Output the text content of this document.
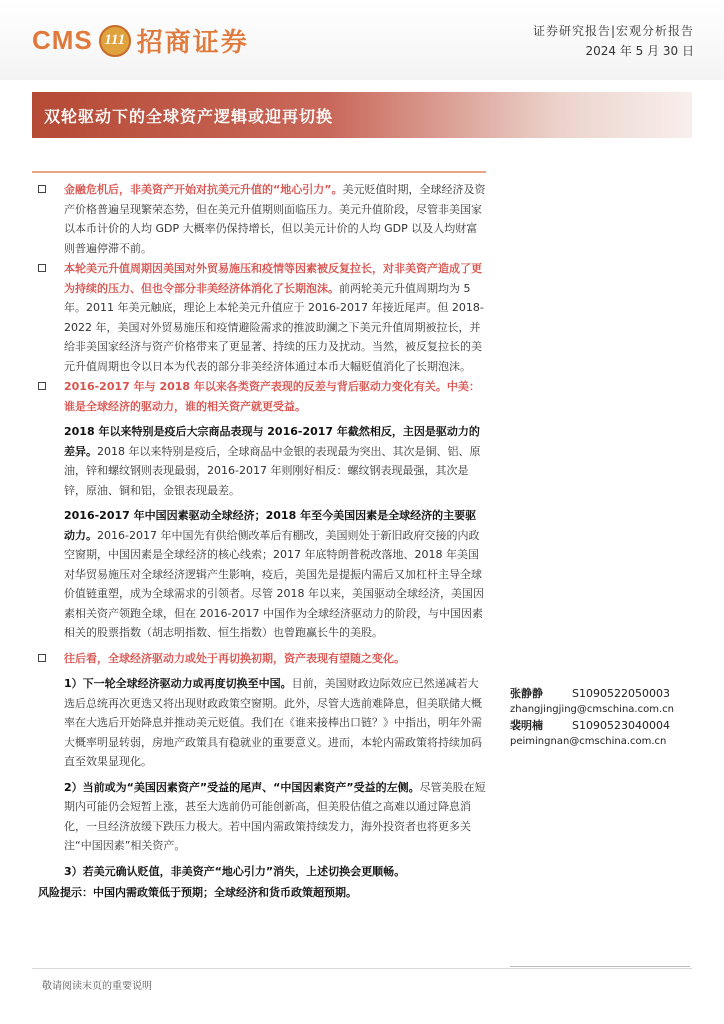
CMS 111 招商证券	证券研究报告|宏观分析报告
2024 年 5 月 30 日
双轮驱动下的全球资产逻辑或迎再切换
金融危机后，非美资产开始对抗美元升值的“地心引力”。美元贬值时期，全球经济及资产价格普遍呈现繁荣态势，但在美元升值期则面临压力。美元升值阶段，尽管非美国家以本币计价的人均 GDP 大概率仍保持增长，但以美元计价的人均 GDP 以及人均财富则普遍停滞不前。
本轮美元升值周期因美国对外贸易施压和疫情等因素被反复拉长，对非美资产造成了更为持续的压力、但也令部分非美经济体消化了长期泡沫。前两轮美元升值周期均为 5 年。2011 年美元触底，理论上本轮美元升值应于 2016-2017 年接近尾声。但 2018-2022 年，美国对外贸易施压和疫情避险需求的推波助澜之下美元升值周期被拉长，并给非美国家经济与资产价格带来了更显著、持续的压力及扰动。当然，被反复拉长的美元升值周期也令以日本为代表的部分非美经济体通过本币大幅贬值消化了长期泡沫。
2016-2017 年与 2018 年以来各类资产表现的反差与背后驱动力变化有关。中美：谁是全球经济的驱动力，谁的相关资产就更受益。
2018 年以来特别是疫后大宗商品表现与 2016-2017 年截然相反，主因是驱动力的差异。2018 年以来特别是疫后，全球商品中金银的表现最为突出、其次是铜、铝、原油，锌和螺纹钢则表现最弱，2016-2017 年则刚好相反：螺纹钢表现最强，其次是锌，原油、铜和铝，金银表现最差。
2016-2017 年中国因素驱动全球经济；2018 年至今美国因素是全球经济的主要驱动力。2016-2017 年中国先有供给侧改革后有棚改，美国则处于新旧政府交接的内政空窗期，中国因素是全球经济的核心线索；2017 年底特朗普税改落地、2018 年美国对华贸易施压对全球经济逻辑产生影响，疫后，美国先是提振内需后又加杠杆主导全球价值链重塑，成为全球需求的引领者。尽管 2018 年以来，美国驱动全球经济，美国因素相关资产领跑全球，但在 2016-2017 中国作为全球经济驱动力的阶段，与中国因素相关的股票指数（胡志明指数、恒生指数）也曾跑赢长牛的美股。
往后看，全球经济驱动力或处于再切换初期，资产表现有望随之变化。
1）下一轮全球经济驱动力或再度切换至中国。目前，美国财政边际效应已然递减若大选后总统再次更迭又将出现财政政策空窗期。此外，尽管大选前难降息，但美联储大概率在大选后开始降息并推动美元贬值。我们在《谁来接棒出口链？》中指出，明年外需大概率明显转弱，房地产政策具有稳就业的重要意义。进而，本轮内需政策将持续加码直至效果显现化。
2）当前或为“美国因素资产”受益的尾声、“中国因素资产”受益的左侧。尽管美股在短期内可能仍会短暂上涨，甚至大选前仍可能创新高，但美股估值之高难以通过降息消化，一旦经济放缓下跌压力极大。若中国内需政策持续发力，海外投资者也将更多关注“中国因素”相关资产。
3）若美元确认贬值，非美资产“地心引力”消失，上述切换会更顺畅。
风险提示：中国内需政策低于预期；全球经济和货币政策超预期。
张静静	S1090522050003
zhangjingjing@cmschina.com.cn
裴明楠	S1090523040004
peimingnan@cmschina.com.cn
敬请阅读末页的重要说明
